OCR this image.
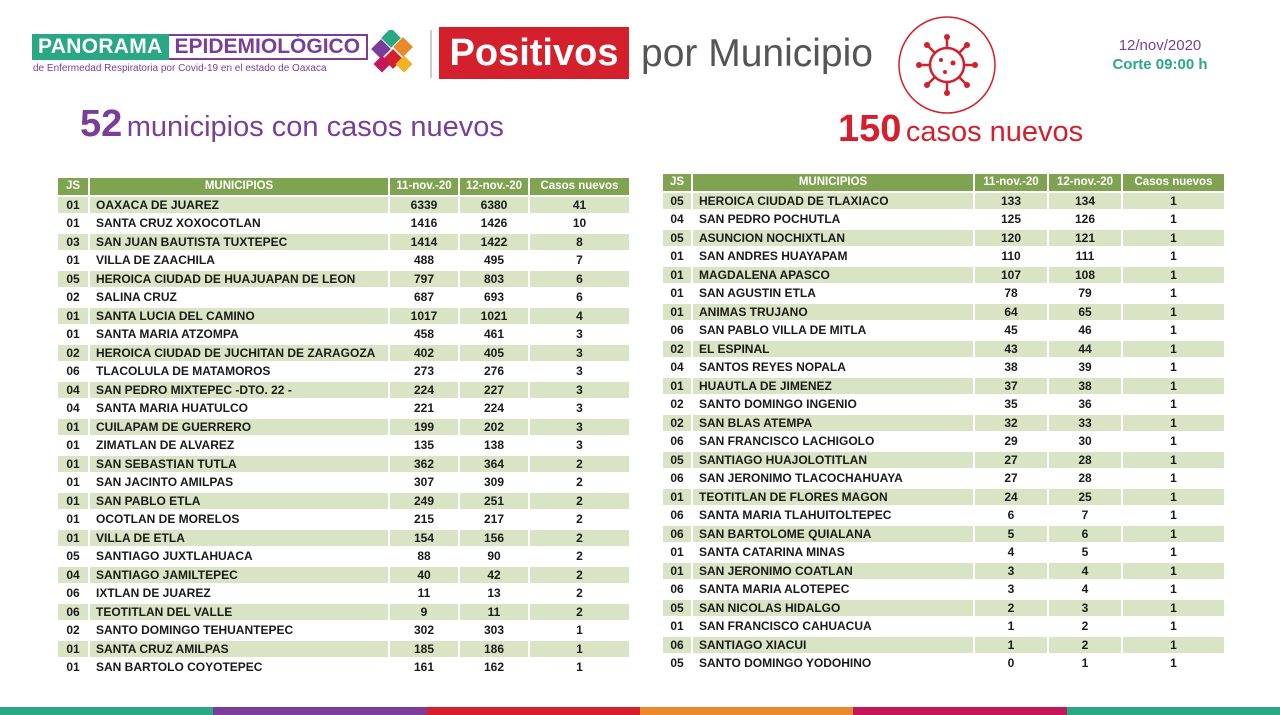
PANORAMA EPIDEMIOLÓGICO
de Enfermedad Respiratoria por Covid-19 en el estado de Oaxaca	Positivos por Municipio	12/nov/2020
Corte 09:00 h
52 municipios con casos nuevos	150 casos nuevos
JS	MUNICIPIOS	11-nov.-20	12-nov.-20	Casos nuevos
01	OAXACA DE JUAREZ	6339	6380	41
01	SANTA CRUZ XOXOCOTLAN	1416	1426	10
03	SAN JUAN BAUTISTA TUXTEPEC	1414	1422	8
01	VILLA DE ZAACHILA	488	495	7
05	HEROICA CIUDAD DE HUAJUAPAN DE LEON	797	803	6
02	SALINA CRUZ	687	693	6
01	SANTA LUCIA DEL CAMINO	1017	1021	4
01	SANTA MARIA ATZOMPA	458	461	3
02	HEROICA CIUDAD DE JUCHITAN DE ZARAGOZA	402	405	3
06	TLACOLULA DE MATAMOROS	273	276	3
04	SAN PEDRO MIXTEPEC -DTO. 22 -	224	227	3
04	SANTA MARIA HUATULCO	221	224	3
01	CUILAPAM DE GUERRERO	199	202	3
01	ZIMATLAN DE ALVAREZ	135	138	3
01	SAN SEBASTIAN TUTLA	362	364	2
01	SAN JACINTO AMILPAS	307	309	2
01	SAN PABLO ETLA	249	251	2
01	OCOTLAN DE MORELOS	215	217	2
01	VILLA DE ETLA	154	156	2
05	SANTIAGO JUXTLAHUACA	88	90	2
04	SANTIAGO JAMILTEPEC	40	42	2
06	IXTLAN DE JUAREZ	11	13	2
06	TEOTITLAN DEL VALLE	9	11	2
02	SANTO DOMINGO TEHUANTEPEC	302	303	1
01	SANTA CRUZ AMILPAS	185	186	1
01	SAN BARTOLO COYOTEPEC	161	162	1
JS	MUNICIPIOS	11-nov.-20	12-nov.-20	Casos nuevos
05	HEROICA CIUDAD DE TLAXIACO	133	134	1
04	SAN PEDRO POCHUTLA	125	126	1
05	ASUNCION NOCHIXTLAN	120	121	1
01	SAN ANDRES HUAYAPAM	110	111	1
01	MAGDALENA APASCO	107	108	1
01	SAN AGUSTIN ETLA	78	79	1
01	ANIMAS TRUJANO	64	65	1
06	SAN PABLO VILLA DE MITLA	45	46	1
02	EL ESPINAL	43	44	1
04	SANTOS REYES NOPALA	38	39	1
01	HUAUTLA DE JIMENEZ	37	38	1
02	SANTO DOMINGO INGENIO	35	36	1
02	SAN BLAS ATEMPA	32	33	1
06	SAN FRANCISCO LACHIGOLO	29	30	1
05	SANTIAGO HUAJOLOTITLAN	27	28	1
06	SAN JERONIMO TLACOCHAHUAYA	27	28	1
01	TEOTITLAN DE FLORES MAGON	24	25	1
06	SANTA MARIA TLAHUITOLTEPEC	6	7	1
06	SAN BARTOLOME QUIALANA	5	6	1
01	SANTA CATARINA MINAS	4	5	1
01	SAN JERONIMO COATLAN	3	4	1
06	SANTA MARIA ALOTEPEC	3	4	1
05	SAN NICOLAS HIDALGO	2	3	1
01	SAN FRANCISCO CAHUACUA	1	2	1
06	SANTIAGO XIACUI	1	2	1
05	SANTO DOMINGO YODOHINO	0	1	1
